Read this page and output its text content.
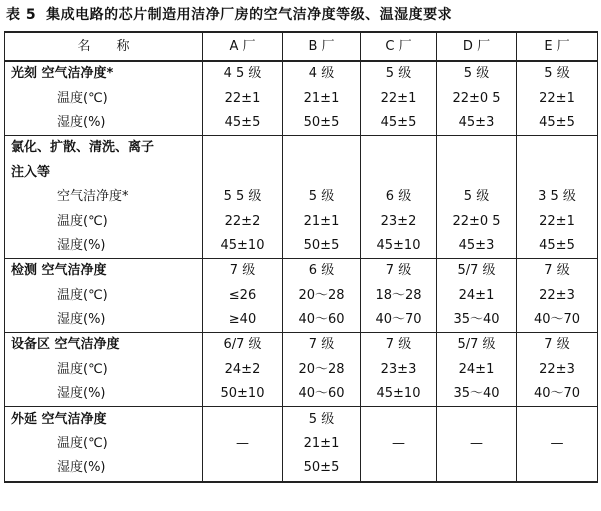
表 5 集成电路的芯片制造用洁净厂房的空气洁净度等级、温湿度要求
名　　称	A 厂	B 厂	C 厂	D 厂	E 厂
光刻 空气洁净度*	4 5 级	4 级	5 级	5 级	5 级
温度(℃)	22±1	21±1	22±1	22±0 5	22±1
湿度(%)	45±5	50±5	45±5	45±3	45±5
氯化、扩散、清洗、离子					
注入等					
空气洁净度*	5 5 级	5 级	6 级	5 级	3 5 级
温度(℃)	22±2	21±1	23±2	22±0 5	22±1
湿度(%)	45±10	50±5	45±10	45±3	45±5
检测 空气洁净度	7 级	6 级	7 级	5/7 级	7 级
温度(℃)	≤26	20～28	18～28	24±1	22±3
湿度(%)	≥40	40～60	40～70	35～40	40～70
设备区 空气洁净度	6/7 级	7 级	7 级	5/7 级	7 级
温度(℃)	24±2	20～28	23±3	24±1	22±3
湿度(%)	50±10	40～60	45±10	35～40	40～70
外延 空气洁净度		5 级			
温度(℃)	—	21±1	—	—	—
湿度(%)		50±5			
